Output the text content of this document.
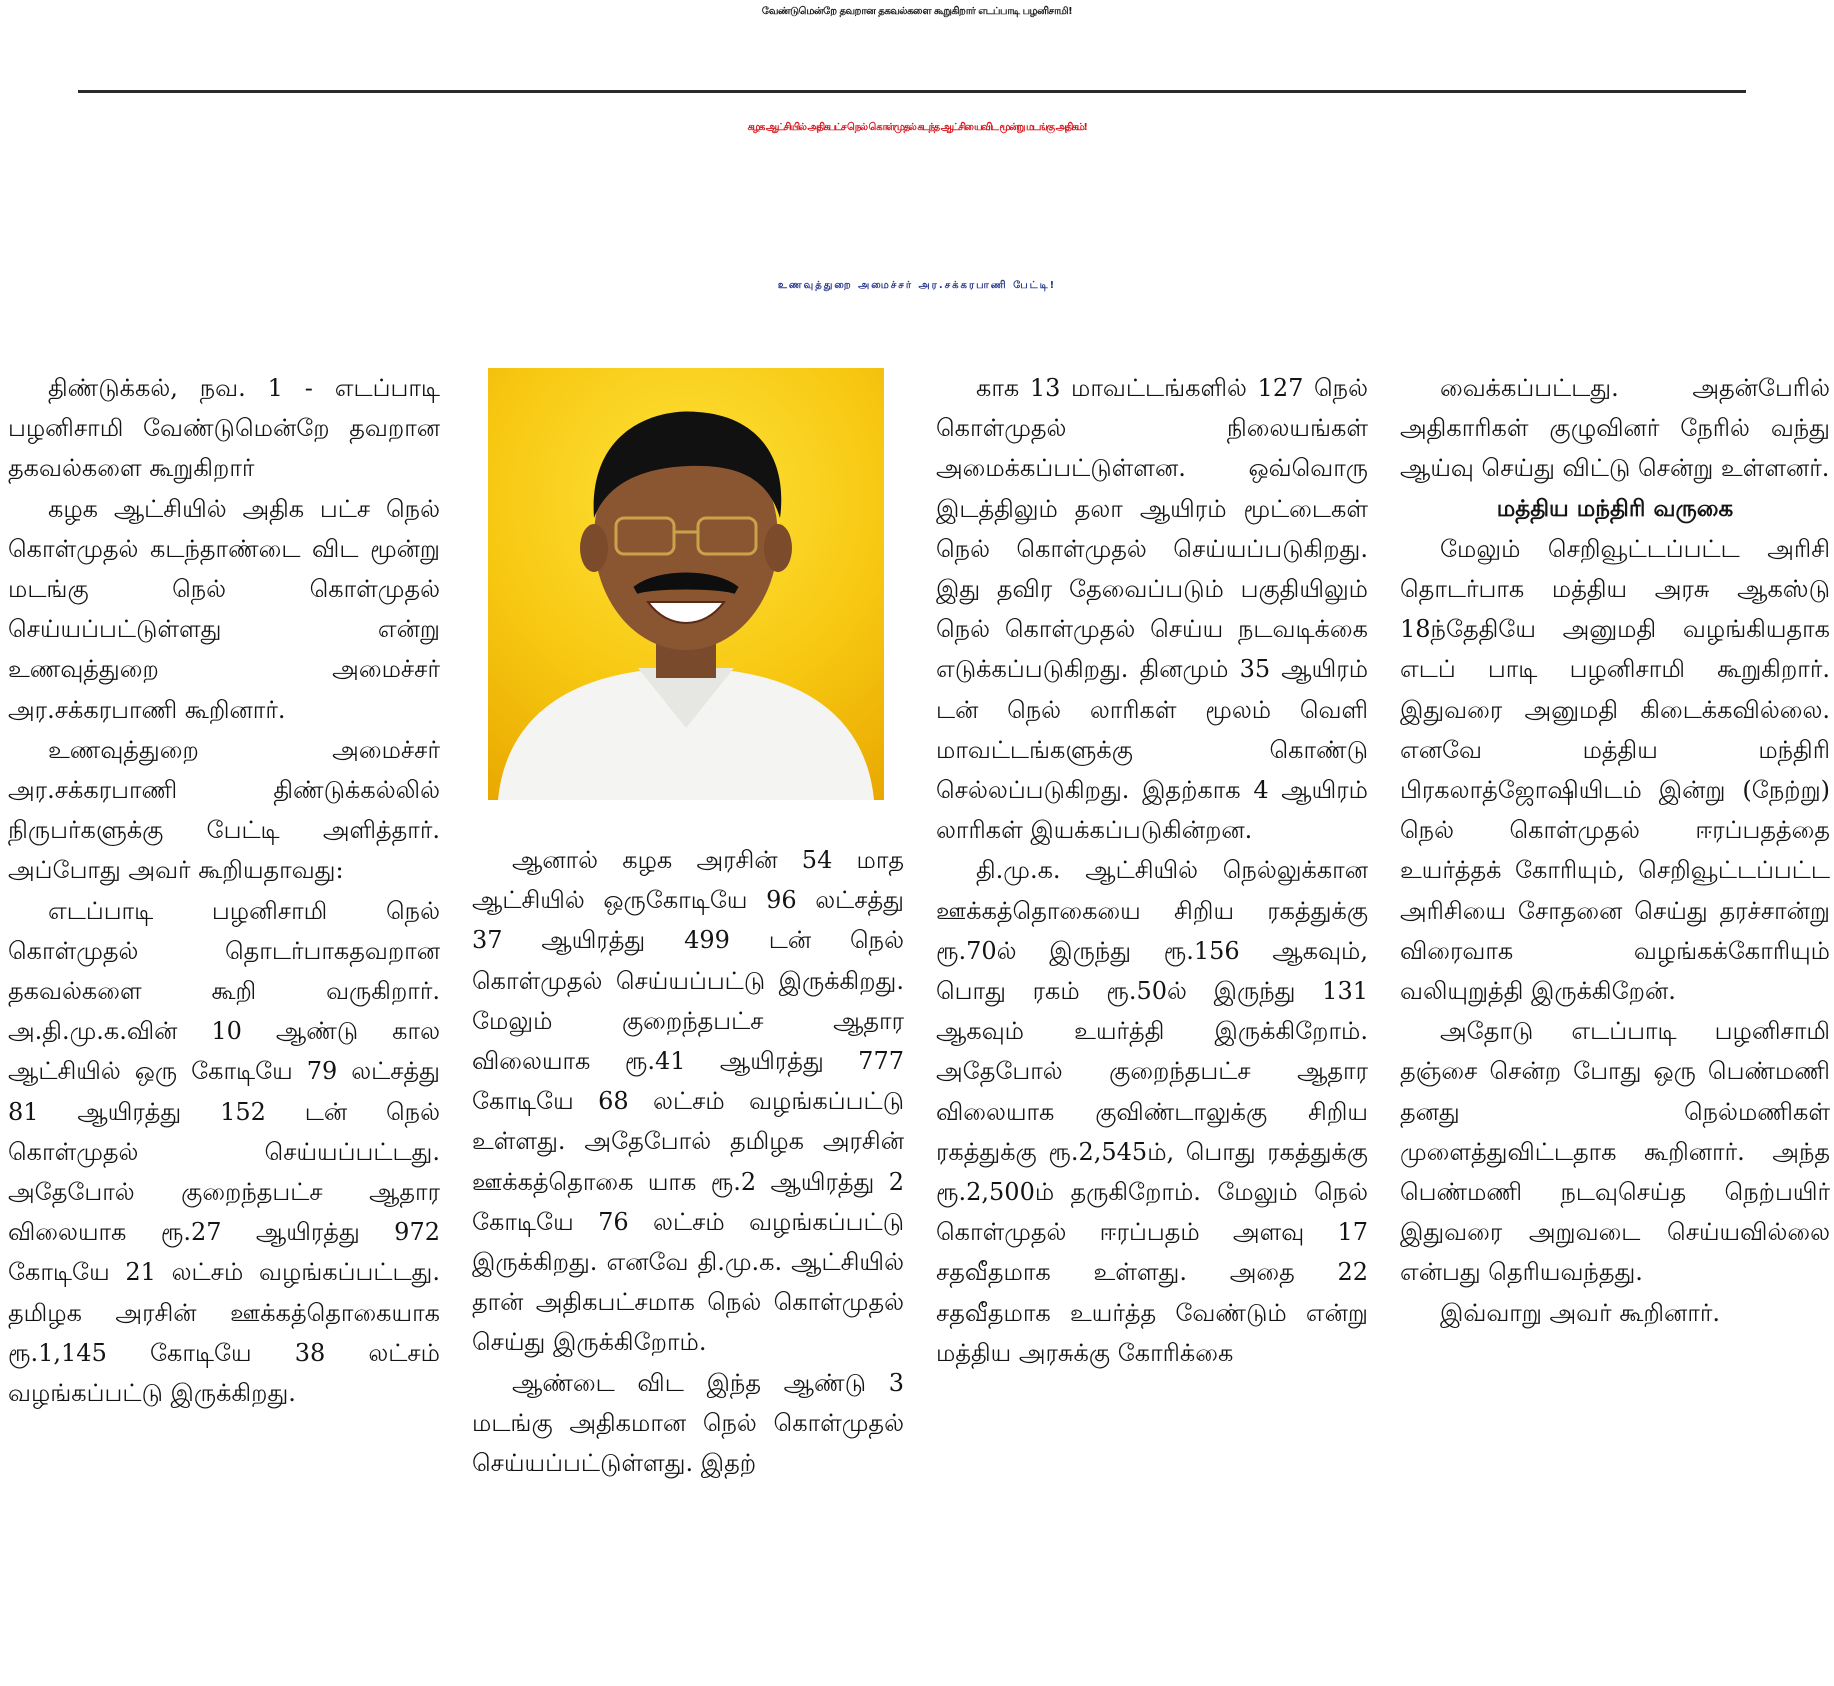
வேண்டுமென்றே தவறான தகவல்களை கூறுகிறார் எடப்பாடி பழனிசாமி!
கழக ஆட்சியில் அதிகபட்ச நெல் கொள்முதல் கடந்த ஆட்சியைவிட மூன்று மடங்கு அதிகம்!
உணவுத்துறை அமைச்சர் அர.சக்கரபாணி பேட்டி!

திண்டுக்கல், நவ. 1 - எடப்பாடி பழனிசாமி வேண்டுமென்றே தவறான தகவல்களை கூறுகிறார்

கழக ஆட்சியில் அதிக பட்ச நெல் கொள்முதல் கடந்தாண்டை விட மூன்று மடங்கு நெல் கொள்முதல் செய்யப்பட்டுள்ளது என்று உணவுத்துறை அமைச்சர் அர.சக்கரபாணி கூறினார்.

உணவுத்துறை அமைச்சர் அர.சக்கரபாணி திண்டுக்கல்லில் நிருபர்களுக்கு பேட்டி அளித்தார். அப்போது அவர் கூறியதாவது:

எடப்பாடி பழனிசாமி நெல் கொள்முதல் தொடர்பாகதவறான தகவல்களை கூறி வருகிறார். அ.தி.மு.க.வின் 10 ஆண்டு கால ஆட்சியில் ஒரு கோடியே 79 லட்சத்து 81 ஆயிரத்து 152 டன் நெல் கொள்முதல் செய்யப்பட்டது. அதேபோல் குறைந்தபட்ச ஆதார விலையாக ரூ.27 ஆயிரத்து 972 கோடியே 21 லட்சம் வழங்கப்பட்டது. தமிழக அரசின் ஊக்கத்தொகையாக ரூ.1,145 கோடியே 38 லட்சம் வழங்கப்பட்டு இருக்கிறது.

ஆனால் கழக அரசின் 54 மாத ஆட்சியில் ஒருகோடியே 96 லட்சத்து 37 ஆயிரத்து 499 டன் நெல் கொள்முதல் செய்யப்பட்டு இருக்கிறது. மேலும் குறைந்தபட்ச ஆதார விலையாக ரூ.41 ஆயிரத்து 777 கோடியே 68 லட்சம் வழங்கப்பட்டு உள்ளது. அதேபோல் தமிழக அரசின் ஊக்கத்தொகை யாக ரூ.2 ஆயிரத்து 2 கோடியே 76 லட்சம் வழங்கப்பட்டு இருக்கிறது. எனவே தி.மு.க. ஆட்சியில் தான் அதிகபட்சமாக நெல் கொள்முதல் செய்து இருக்கிறோம்.

ஆண்டை விட இந்த ஆண்டு 3 மடங்கு அதிகமான நெல் கொள்முதல் செய்யப்பட்டுள்ளது. இதற்

காக 13 மாவட்டங்களில் 127 நெல் கொள்முதல் நிலையங்கள் அமைக்கப்பட்டுள்ளன. ஒவ்வொரு இடத்திலும் தலா ஆயிரம் மூட்டைகள் நெல் கொள்முதல் செய்யப்படுகிறது. இது தவிர தேவைப்படும் பகுதியிலும் நெல் கொள்முதல் செய்ய நடவடிக்கை எடுக்கப்படுகிறது. தினமும் 35 ஆயிரம் டன் நெல் லாரிகள் மூலம் வெளி மாவட்டங்களுக்கு கொண்டு செல்லப்படுகிறது. இதற்காக 4 ஆயிரம் லாரிகள் இயக்கப்படுகின்றன.

தி.மு.க. ஆட்சியில் நெல்லுக்கான ஊக்கத்தொகையை சிறிய ரகத்துக்கு ரூ.70ல் இருந்து ரூ.156 ஆகவும், பொது ரகம் ரூ.50ல் இருந்து 131 ஆகவும் உயர்த்தி இருக்கிறோம். அதேபோல் குறைந்தபட்ச ஆதார விலையாக குவிண்டாலுக்கு சிறிய ரகத்துக்கு ரூ.2,545ம், பொது ரகத்துக்கு ரூ.2,500ம் தருகிறோம். மேலும் நெல் கொள்முதல் ஈரப்பதம் அளவு 17 சதவீதமாக உள்ளது. அதை 22 சதவீதமாக உயர்த்த வேண்டும் என்று மத்திய அரசுக்கு கோரிக்கை

வைக்கப்பட்டது. அதன்பேரில் அதிகாரிகள் குழுவினர் நேரில் வந்து ஆய்வு செய்து விட்டு சென்று உள்ளனர்.

மத்திய மந்திரி வருகை

மேலும் செறிவூட்டப்பட்ட அரிசி தொடர்பாக மத்திய அரசு ஆகஸ்டு 18ந்தேதியே அனுமதி வழங்கியதாக எடப் பாடி பழனிசாமி கூறுகிறார். இதுவரை அனுமதி கிடைக்கவில்லை. எனவே மத்திய மந்திரி பிரகலாத்ஜோஷியிடம் இன்று (நேற்று) நெல் கொள்முதல் ஈரப்பதத்தை உயர்த்தக் கோரியும், செறிவூட்டப்பட்ட அரிசியை சோதனை செய்து தரச்சான்று விரைவாக வழங்கக்கோரியும் வலியுறுத்தி இருக்கிறேன்.

அதோடு எடப்பாடி பழனிசாமி தஞ்சை சென்ற போது ஒரு பெண்மணி தனது நெல்மணிகள் முளைத்துவிட்டதாக கூறினார். அந்த பெண்மணி நடவுசெய்த நெற்பயிர் இதுவரை அறுவடை செய்யவில்லை என்பது தெரியவந்தது.

இவ்வாறு அவர் கூறினார்.
